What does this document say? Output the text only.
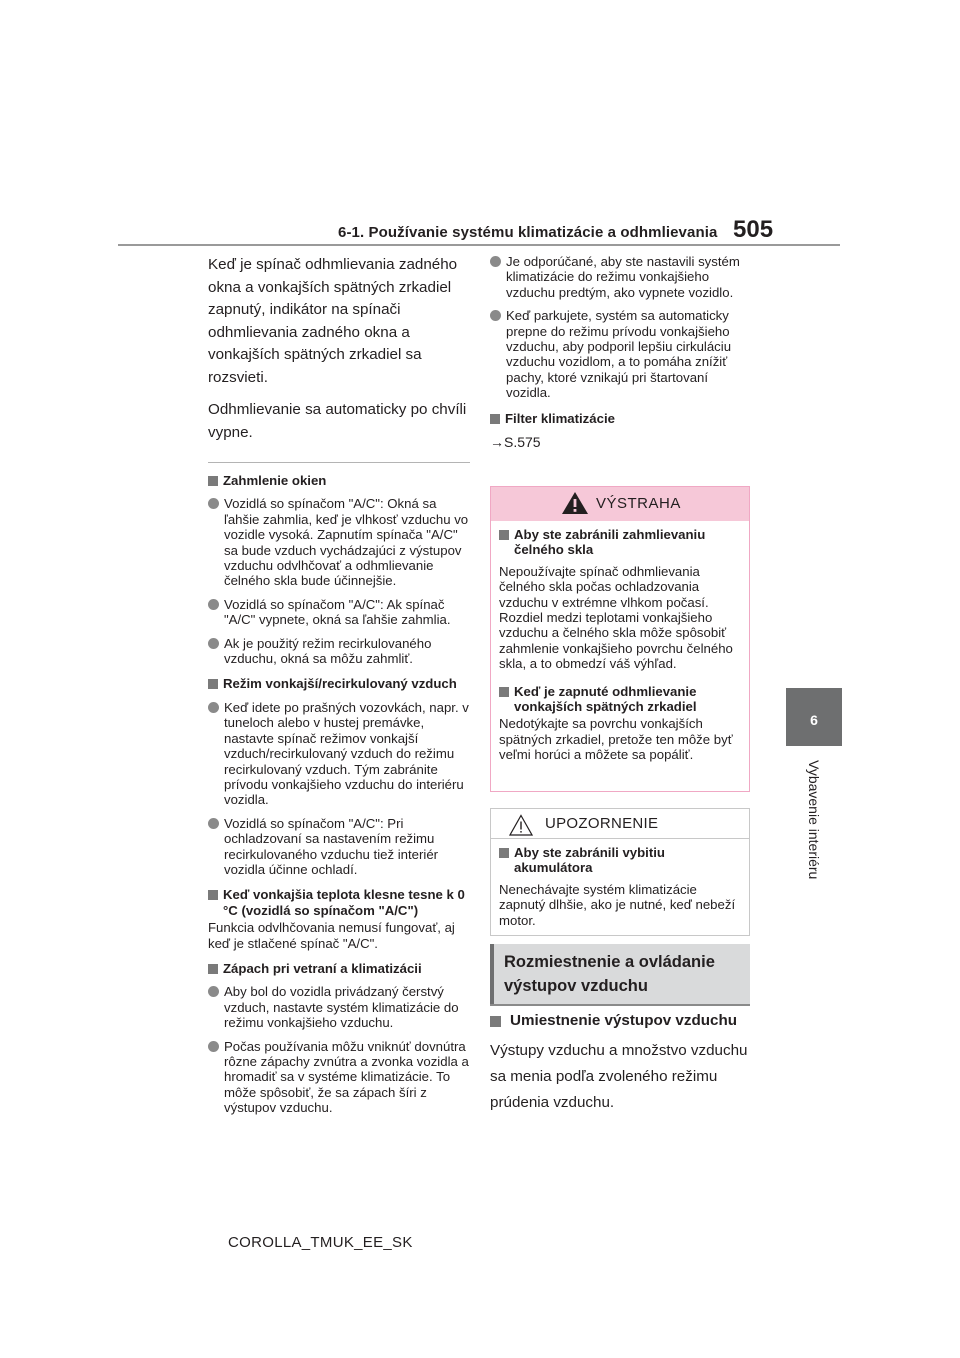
6-1. Používanie systému klimatizácie a odhmlievania 505
6
Vybavenie interiéru

Keď je spínač odhmlievania zadného okna a vonkajších spätných zrkadiel zapnutý, indikátor na spínači odhmlievania zadného okna a vonkajších spätných zrkadiel sa rozsvieti.

Odhmlievanie sa automaticky po chvíli vypne.

Zahmlenie okien
Vozidlá so spínačom "A/C": Okná sa ľahšie zahmlia, keď je vlhkosť vzduchu vo vozidle vysoká. Zapnutím spínača "A/C" sa bude vzduch vychádzajúci z výstupov vzduchu odvlhčovať a odhmlievanie čelného skla bude účinnejšie.
Vozidlá so spínačom "A/C": Ak spínač "A/C" vypnete, okná sa ľahšie zahmlia.
Ak je použitý režim recirkulovaného vzduchu, okná sa môžu zahmliť.
Režim vonkajší/recirkulovaný vzduch
Keď idete po prašných vozovkách, napr. v tuneloch alebo v hustej premávke, nastavte spínač režimov vonkajší vzduch/recirkulovaný vzduch do režimu recirkulovaný vzduch. Tým zabránite prívodu vonkajšieho vzduchu do interiéru vozidla.
Vozidlá so spínačom "A/C": Pri ochladzovaní sa nastavením režimu recirkulovaného vzduchu tiež interiér vozidla účinne ochladí.
Keď vonkajšia teplota klesne tesne k 0 °C (vozidlá so spínačom "A/C")

Funkcia odvlhčovania nemusí fungovať, aj keď je stlačené spínač "A/C".

Zápach pri vetraní a klimatizácii
Aby bol do vozidla privádzaný čerstvý vzduch, nastavte systém klimatizácie do režimu vonkajšieho vzduchu.
Počas používania môžu vniknúť dovnútra rôzne zápachy zvnútra a zvonka vozidla a hromadiť sa v systéme klimatizácie. To môže spôsobiť, že sa zápach šíri z výstupov vzduchu.
Je odporúčané, aby ste nastavili systém klimatizácie do režimu vonkajšieho vzduchu predtým, ako vypnete vozidlo.
Keď parkujete, systém sa automaticky prepne do režimu prívodu vonkajšieho vzduchu, aby podporil lepšiu cirkuláciu vzduchu vozidlom, a to pomáha znížiť pachy, ktoré vznikajú pri štartovaní vozidla.
Filter klimatizácie

→S.575

VÝSTRAHA
Aby ste zabránili zahmlievaniu čelného skla

Nepoužívajte spínač odhmlievania čelného skla počas ochladzovania vzduchu v extrémne vlhkom počasí. Rozdiel medzi teplotami vonkajšieho vzduchu a čelného skla môže spôsobiť zahmlenie vonkajšieho povrchu čelného skla, a to obmedzí váš výhľad.

Keď je zapnuté odhmlievanie vonkajších spätných zrkadiel

Nedotýkajte sa povrchu vonkajších spätných zrkadiel, pretože ten môže byť veľmi horúci a môžete sa popáliť.

UPOZORNENIE
Aby ste zabránili vybitiu akumulátora

Nenechávajte systém klimatizácie zapnutý dlhšie, ako je nutné, keď nebeží motor.

Rozmiestnenie a ovládanie výstupov vzduchu
Umiestnenie výstupov vzduchu

Výstupy vzduchu a množstvo vzduchu sa menia podľa zvoleného režimu prúdenia vzduchu.

COROLLA_TMUK_EE_SK
